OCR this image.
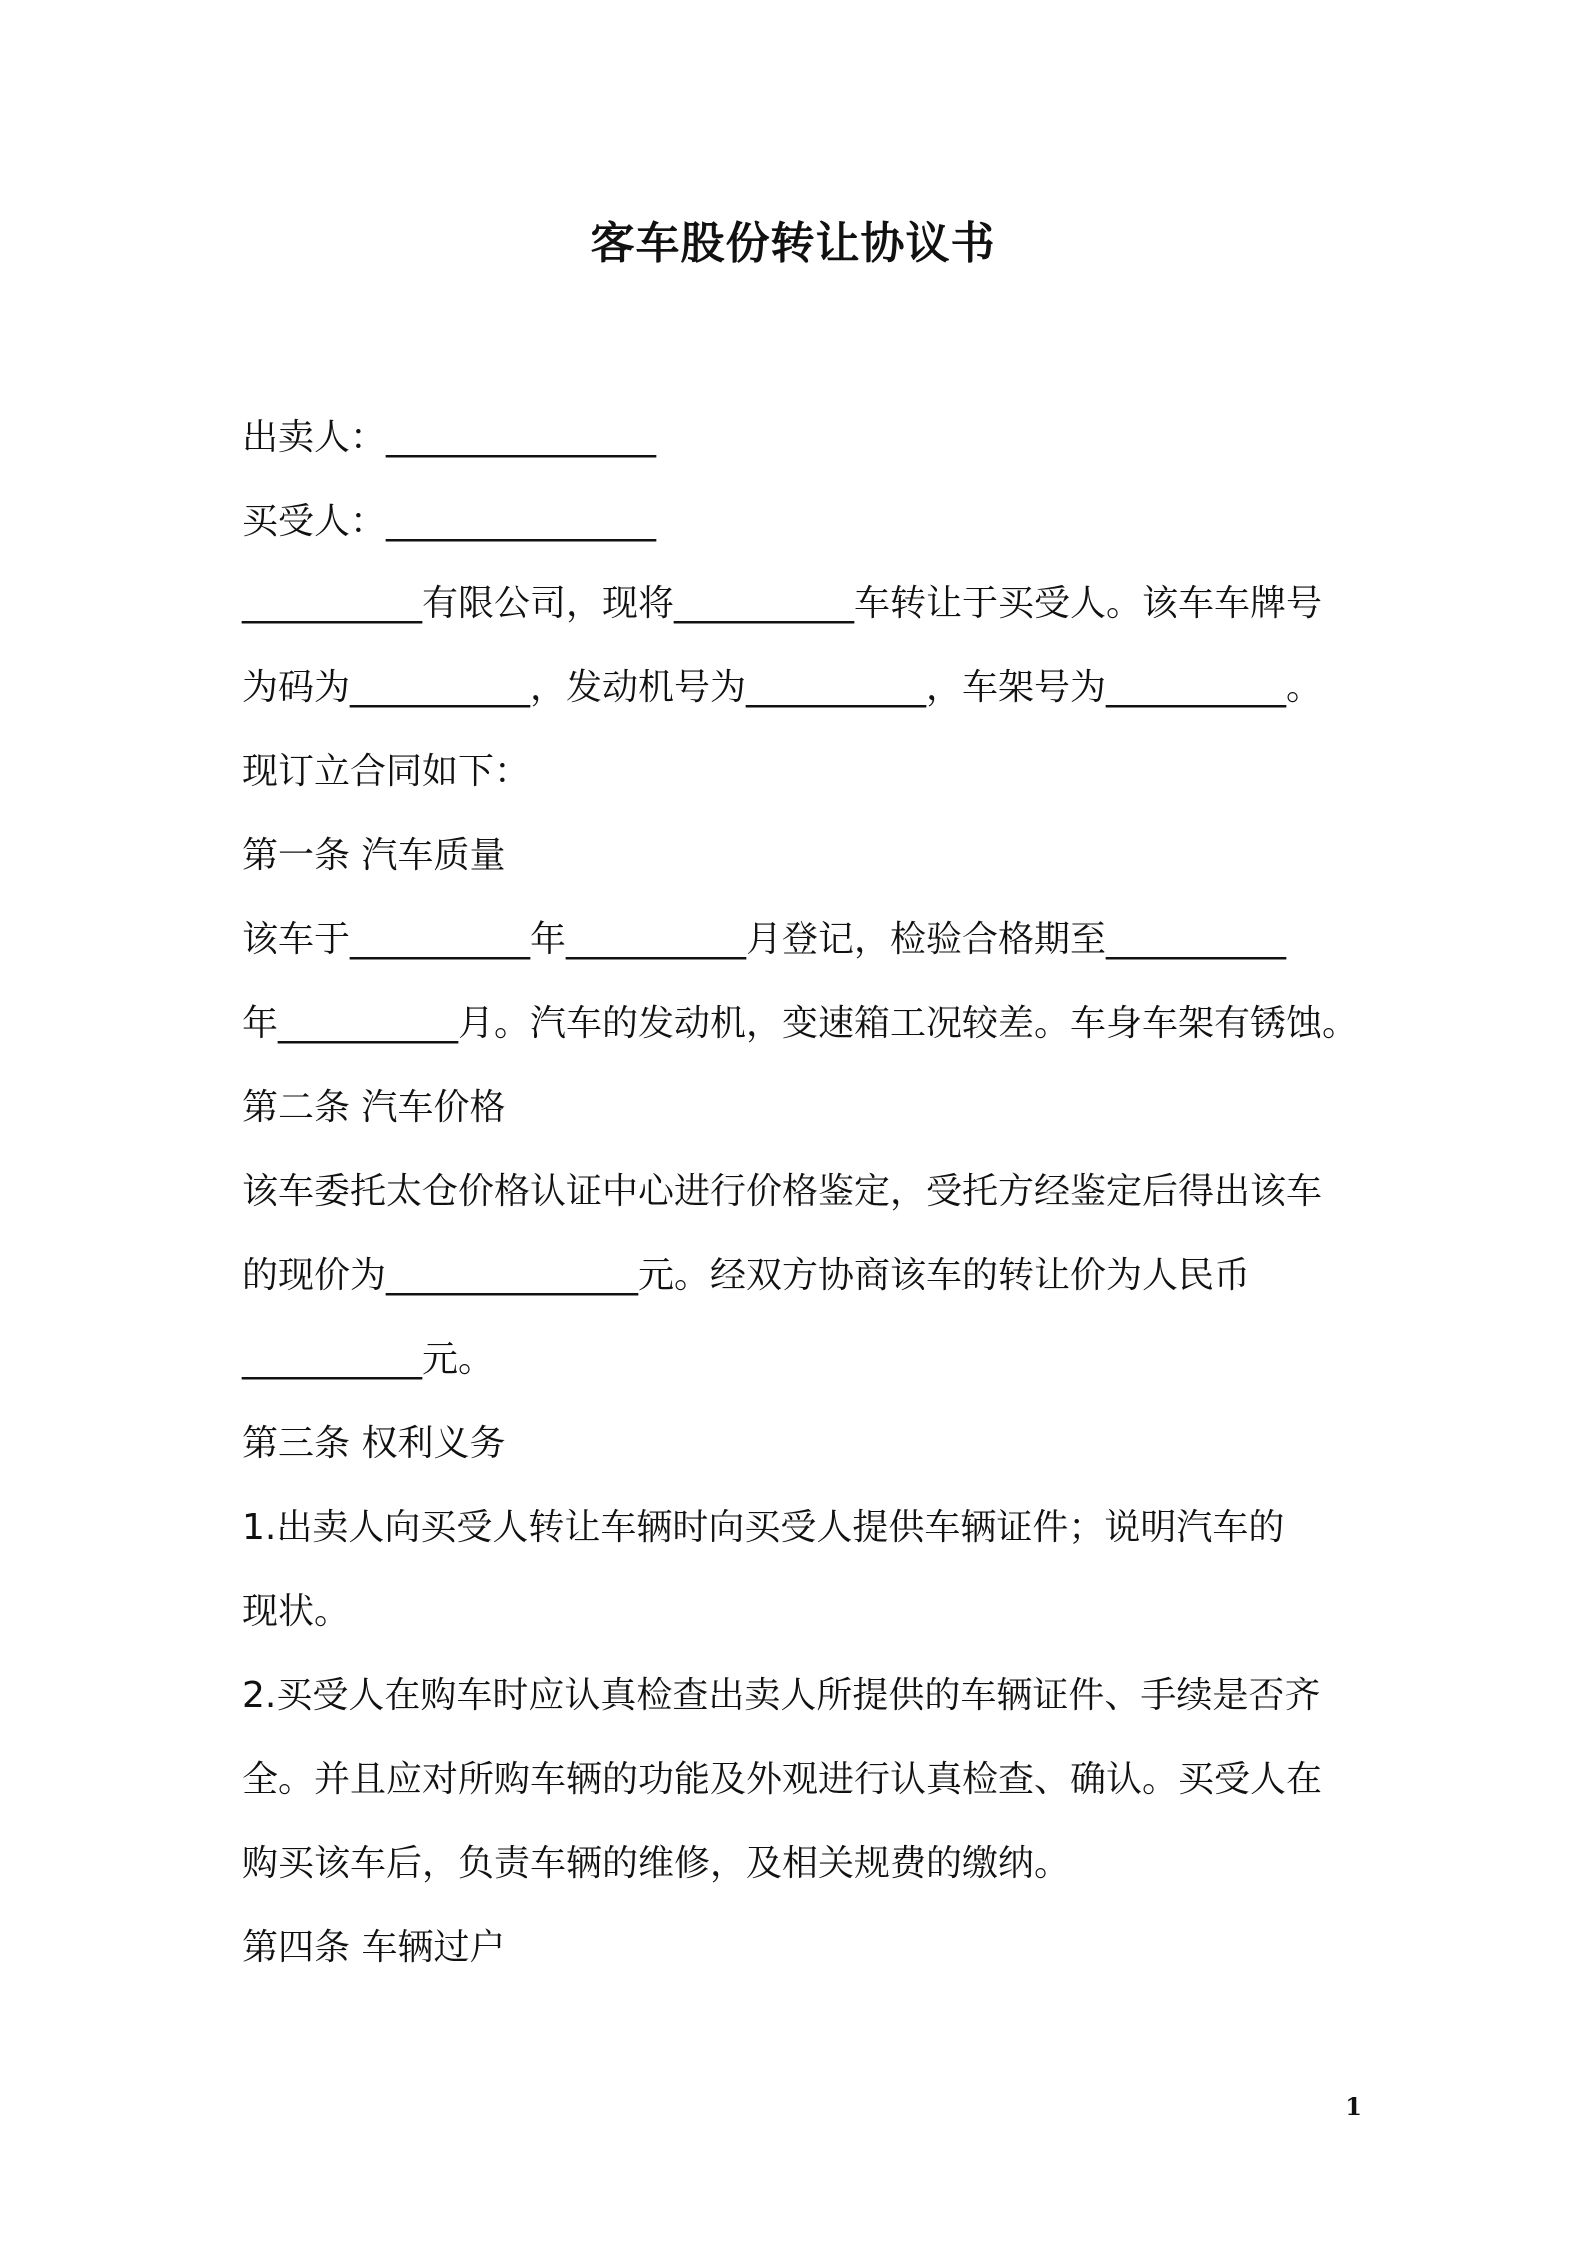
客车股份转让协议书
出卖人：_______________
买受人：_______________
__________有限公司，现将__________车转让于买受人。该车车牌号
为码为__________，发动机号为__________，车架号为__________。
现订立合同如下：
第一条 汽车质量
该车于__________年__________月登记，检验合格期至__________
年__________月。汽车的发动机，变速箱工况较差。车身车架有锈蚀。
第二条 汽车价格
该车委托太仓价格认证中心进行价格鉴定，受托方经鉴定后得出该车
的现价为______________元。经双方协商该车的转让价为人民币
__________元。
第三条 权利义务
1.出卖人向买受人转让车辆时向买受人提供车辆证件；说明汽车的
现状。
2.买受人在购车时应认真检查出卖人所提供的车辆证件、手续是否齐
全。并且应对所购车辆的功能及外观进行认真检查、确认。买受人在
购买该车后，负责车辆的维修，及相关规费的缴纳。
第四条 车辆过户
1
